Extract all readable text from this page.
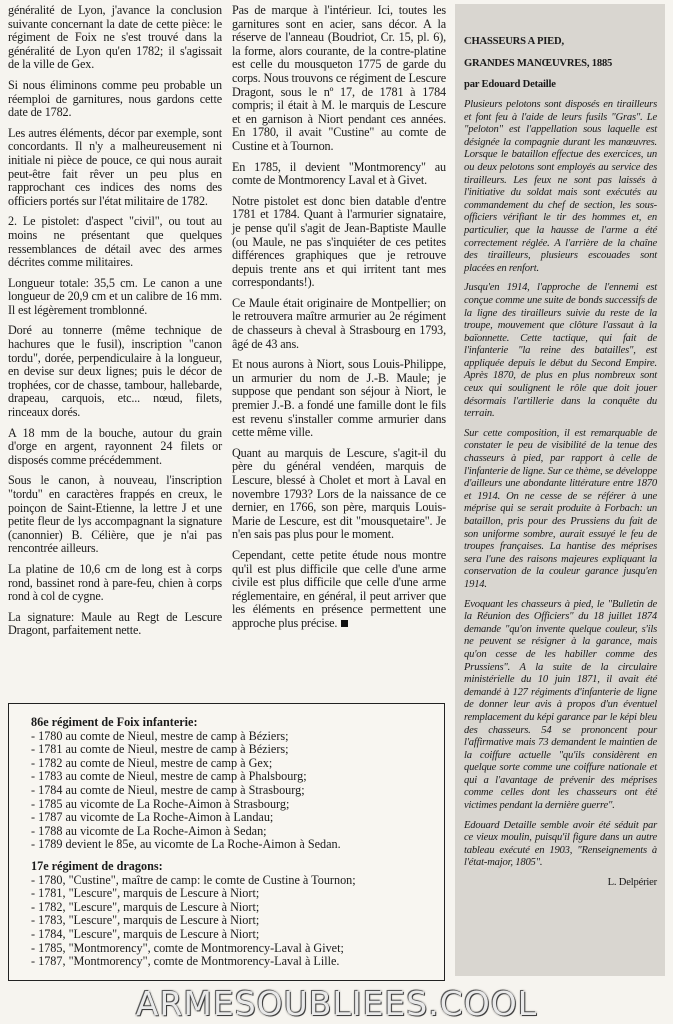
généralité de Lyon, j'avance la conclusion suivante concernant la date de cette pièce: le régiment de Foix ne s'est trouvé dans la généralité de Lyon qu'en 1782; il s'agissait de la ville de Gex.

Si nous éliminons comme peu probable un réemploi de garnitures, nous gardons cette date de 1782.

Les autres éléments, décor par exemple, sont concordants. Il n'y a malheureusement ni initiale ni pièce de pouce, ce qui nous aurait peut-être fait rêver un peu plus en rapprochant ces indices des noms des officiers portés sur l'état militaire de 1782.

2. Le pistolet: d'aspect "civil", ou tout au moins ne présentant que quelques ressemblances de détail avec des armes décrites comme militaires.

Longueur totale: 35,5 cm. Le canon a une longueur de 20,9 cm et un calibre de 16 mm. Il est légèrement tromblonné.

Doré au tonnerre (même technique de hachures que le fusil), inscription "canon tordu", dorée, perpendiculaire à la longueur, en devise sur deux lignes; puis le décor de trophées, cor de chasse, tambour, hallebarde, drapeau, carquois, etc... nœud, filets, rinceaux dorés.

A 18 mm de la bouche, autour du grain d'orge en argent, rayonnent 24 filets or disposés comme précédemment.

Sous le canon, à nouveau, l'inscription "tordu" en caractères frappés en creux, le poinçon de Saint-Etienne, la lettre J et une petite fleur de lys accompagnant la signature (canonnier) B. Célière, que je n'ai pas rencontrée ailleurs.

La platine de 10,6 cm de long est à corps rond, bassinet rond à pare-feu, chien à corps rond à col de cygne.

La signature: Maule au Regt de Lescure Dragont, parfaitement nette.

Pas de marque à l'intérieur. Ici, toutes les garnitures sont en acier, sans décor. A la réserve de l'anneau (Boudriot, Cr. 15, pl. 6), la forme, alors courante, de la contre-platine est celle du mousqueton 1775 de garde du corps. Nous trouvons ce régiment de Lescure Dragont, sous le nº 17, de 1781 à 1784 compris; il était à M. le marquis de Lescure et en garnison à Niort pendant ces années. En 1780, il avait "Custine" au comte de Custine et à Tournon.

En 1785, il devient "Montmorency" au comte de Montmorency Laval et à Givet.

Notre pistolet est donc bien datable d'entre 1781 et 1784. Quant à l'armurier signataire, je pense qu'il s'agit de Jean-Baptiste Maulle (ou Maule, ne pas s'inquiéter de ces petites différences graphiques que je retrouve depuis trente ans et qui irritent tant mes correspondants!).

Ce Maule était originaire de Montpellier; on le retrouvera maître armurier au 2e régiment de chasseurs à cheval à Strasbourg en 1793, âgé de 43 ans.

Et nous aurons à Niort, sous Louis-Philippe, un armurier du nom de J.-B. Maule; je suppose que pendant son séjour à Niort, le premier J.-B. a fondé une famille dont le fils est revenu s'installer comme armurier dans cette même ville.

Quant au marquis de Lescure, s'agit-il du père du général vendéen, marquis de Lescure, blessé à Cholet et mort à Laval en novembre 1793? Lors de la naissance de ce dernier, en 1766, son père, marquis Louis-Marie de Lescure, est dit "mousquetaire". Je n'en sais pas plus pour le moment.

Cependant, cette petite étude nous montre qu'il est plus difficile que celle d'une arme civile est plus difficile que celle d'une arme réglementaire, en général, il peut arriver que les éléments en présence permettent une approche plus précise.

CHASSEURS A PIED,

GRANDES MANŒUVRES, 1885

par Edouard Detaille

Plusieurs pelotons sont disposés en tirailleurs et font feu à l'aide de leurs fusils "Gras". Le "peloton" est l'appellation sous laquelle est désignée la compagnie durant les manœuvres. Lorsque le bataillon effectue des exercices, un ou deux pelotons sont employés au service des tirailleurs. Les feux ne sont pas laissés à l'initiative du soldat mais sont exécutés au commandement du chef de section, les sous-officiers vérifiant le tir des hommes et, en particulier, que la hausse de l'arme a été correctement réglée. A l'arrière de la chaîne des tirailleurs, plusieurs escouades sont placées en renfort.

Jusqu'en 1914, l'approche de l'ennemi est conçue comme une suite de bonds successifs de la ligne des tirailleurs suivie du reste de la troupe, mouvement que clôture l'assaut à la baïonnette. Cette tactique, qui fait de l'infanterie "la reine des batailles", est appliquée depuis le début du Second Empire. Après 1870, de plus en plus nombreux sont ceux qui soulignent le rôle que doit jouer désormais l'artillerie dans la conquête du terrain.

Sur cette composition, il est remarquable de constater le peu de visibilité de la tenue des chasseurs à pied, par rapport à celle de l'infanterie de ligne. Sur ce thème, se développe d'ailleurs une abondante littérature entre 1870 et 1914. On ne cesse de se référer à une méprise qui se serait produite à Forbach: un bataillon, pris pour des Prussiens du fait de son uniforme sombre, aurait essuyé le feu de troupes françaises. La hantise des méprises sera l'une des raisons majeures expliquant la conservation de la couleur garance jusqu'en 1914.

Evoquant les chasseurs à pied, le "Bulletin de la Réunion des Officiers" du 18 juillet 1874 demande "qu'on invente quelque couleur, s'ils ne peuvent se résigner à la garance, mais qu'on cesse de les habiller comme des Prussiens". A la suite de la circulaire ministérielle du 10 juin 1871, il avait été demandé à 127 régiments d'infanterie de ligne de donner leur avis à propos d'un éventuel remplacement du képi garance par le képi bleu des chasseurs. 54 se prononcent pour l'affirmative mais 73 demandent le maintien de la coiffure actuelle "qu'ils considèrent en quelque sorte comme une coiffure nationale et qui a l'avantage de prévenir des méprises comme celles dont les chasseurs ont été victimes pendant la dernière guerre".

Edouard Detaille semble avoir été séduit par ce vieux moulin, puisqu'il figure dans un autre tableau exécuté en 1903, "Renseignements à l'état-major, 1805".

L. Delpérier

86e régiment de Foix infanterie:

- 1780 au comte de Nieul, mestre de camp à Béziers;
- 1781 au comte de Nieul, mestre de camp à Béziers;
- 1782 au comte de Nieul, mestre de camp à Gex;
- 1783 au comte de Nieul, mestre de camp à Phalsbourg;
- 1784 au comte de Nieul, mestre de camp à Strasbourg;
- 1785 au vicomte de La Roche-Aimon à Strasbourg;
- 1787 au vicomte de La Roche-Aimon à Landau;
- 1788 au vicomte de La Roche-Aimon à Sedan;
- 1789 devient le 85e, au vicomte de La Roche-Aimon à Sedan.

17e régiment de dragons:

- 1780, "Custine", maître de camp: le comte de Custine à Tournon;
- 1781, "Lescure", marquis de Lescure à Niort;
- 1782, "Lescure", marquis de Lescure à Niort;
- 1783, "Lescure", marquis de Lescure à Niort;
- 1784, "Lescure", marquis de Lescure à Niort;
- 1785, "Montmorency", comte de Montmorency-Laval à Givet;
- 1787, "Montmorency", comte de Montmorency-Laval à Lille.
ARMESOUBLIEES.COOL
